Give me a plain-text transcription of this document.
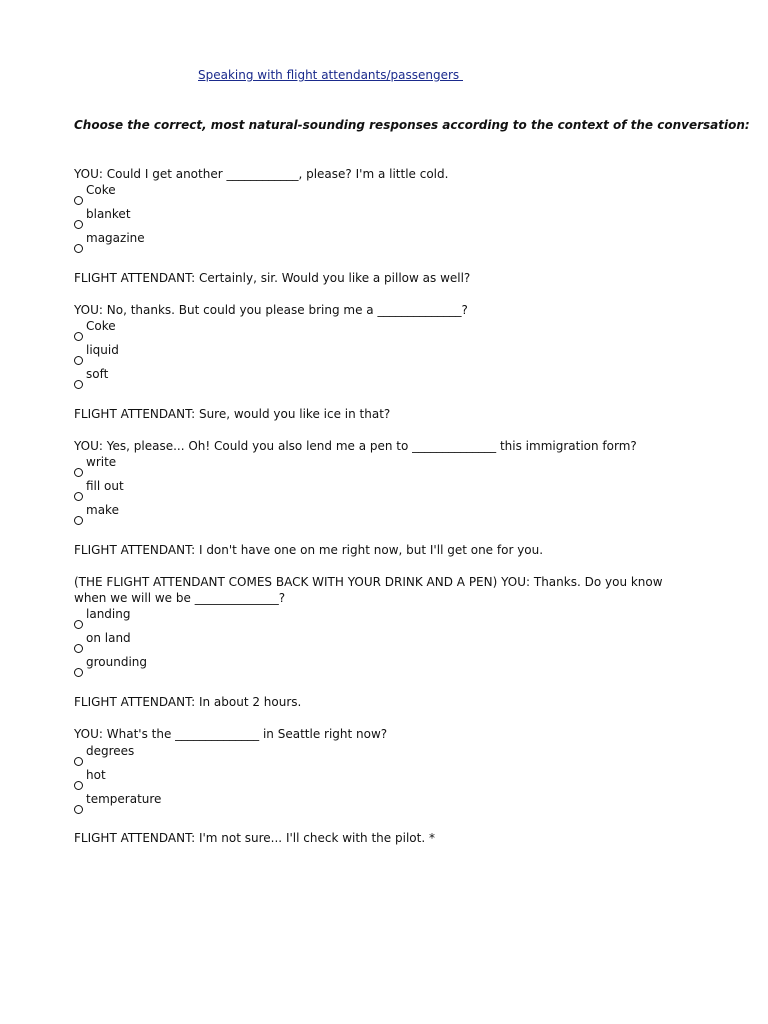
Speaking with flight attendants/passengers
Choose the correct, most natural-sounding responses according to the context of the conversation:
YOU: Could I get another ____________, please? I'm a little cold.
Coke
blanket
magazine
FLIGHT ATTENDANT: Certainly, sir. Would you like a pillow as well?
YOU: No, thanks. But could you please bring me a ______________?
Coke
liquid
soft
FLIGHT ATTENDANT: Sure, would you like ice in that?
YOU: Yes, please... Oh! Could you also lend me a pen to ______________ this immigration form?
write
fill out
make
FLIGHT ATTENDANT: I don't have one on me right now, but I'll get one for you.
(THE FLIGHT ATTENDANT COMES BACK WITH YOUR DRINK AND A PEN) YOU: Thanks. Do you know when we will we be ______________?
landing
on land
grounding
FLIGHT ATTENDANT: In about 2 hours.
YOU: What's the ______________ in Seattle right now?
degrees
hot
temperature
FLIGHT ATTENDANT: I'm not sure... I'll check with the pilot. *
